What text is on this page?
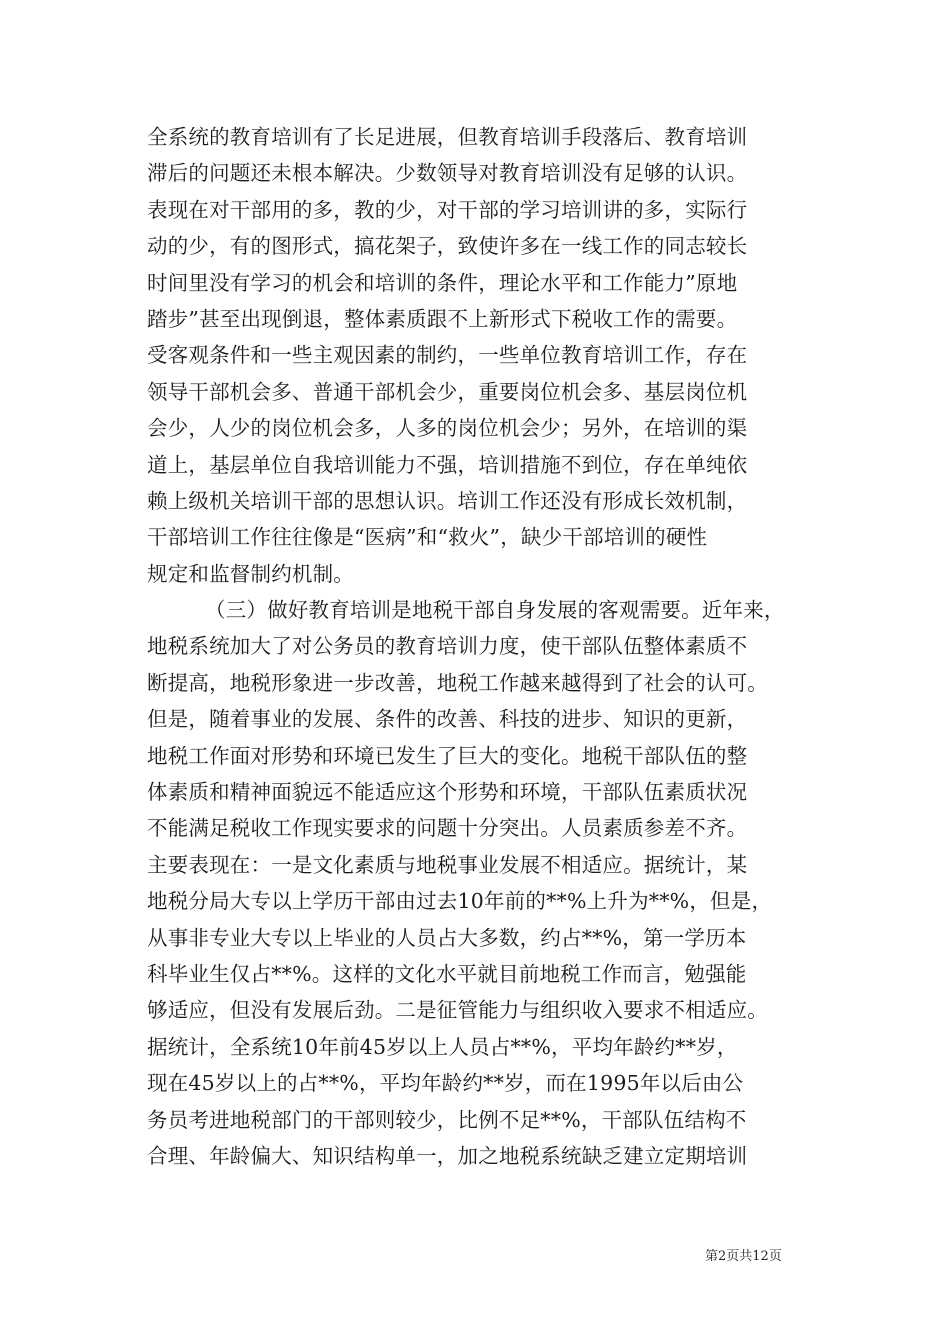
全系统的教育培训有了长足进展，但教育培训手段落后、教育培训
滞后的问题还未根本解决。少数领导对教育培训没有足够的认识。
表现在对干部用的多，教的少，对干部的学习培训讲的多，实际行
动的少，有的图形式，搞花架子，致使许多在一线工作的同志较长
时间里没有学习的机会和培训的条件，理论水平和工作能力”原地
踏步”甚至出现倒退，整体素质跟不上新形式下税收工作的需要。
受客观条件和一些主观因素的制约，一些单位教育培训工作，存在
领导干部机会多、普通干部机会少，重要岗位机会多、基层岗位机
会少，人少的岗位机会多，人多的岗位机会少；另外，在培训的渠
道上，基层单位自我培训能力不强，培训措施不到位，存在单纯依
赖上级机关培训干部的思想认识。培训工作还没有形成长效机制，
干部培训工作往往像是“医病”和“救火”，缺少干部培训的硬性
规定和监督制约机制。
（三）做好教育培训是地税干部自身发展的客观需要。近年来，
地税系统加大了对公务员的教育培训力度，使干部队伍整体素质不
断提高，地税形象进一步改善，地税工作越来越得到了社会的认可。
但是，随着事业的发展、条件的改善、科技的进步、知识的更新，
地税工作面对形势和环境已发生了巨大的变化。地税干部队伍的整
体素质和精神面貌远不能适应这个形势和环境，干部队伍素质状况
不能满足税收工作现实要求的问题十分突出。人员素质参差不齐。
主要表现在：一是文化素质与地税事业发展不相适应。据统计，某
地税分局大专以上学历干部由过去10年前的**%上升为**%，但是，
从事非专业大专以上毕业的人员占大多数，约占**%，第一学历本
科毕业生仅占**%。这样的文化水平就目前地税工作而言，勉强能
够适应，但没有发展后劲。二是征管能力与组织收入要求不相适应。
据统计，全系统10年前45岁以上人员占**%，平均年龄约**岁，
现在45岁以上的占**%，平均年龄约**岁，而在1995年以后由公
务员考进地税部门的干部则较少，比例不足**%，干部队伍结构不
合理、年龄偏大、知识结构单一，加之地税系统缺乏建立定期培训
第2页共12页
